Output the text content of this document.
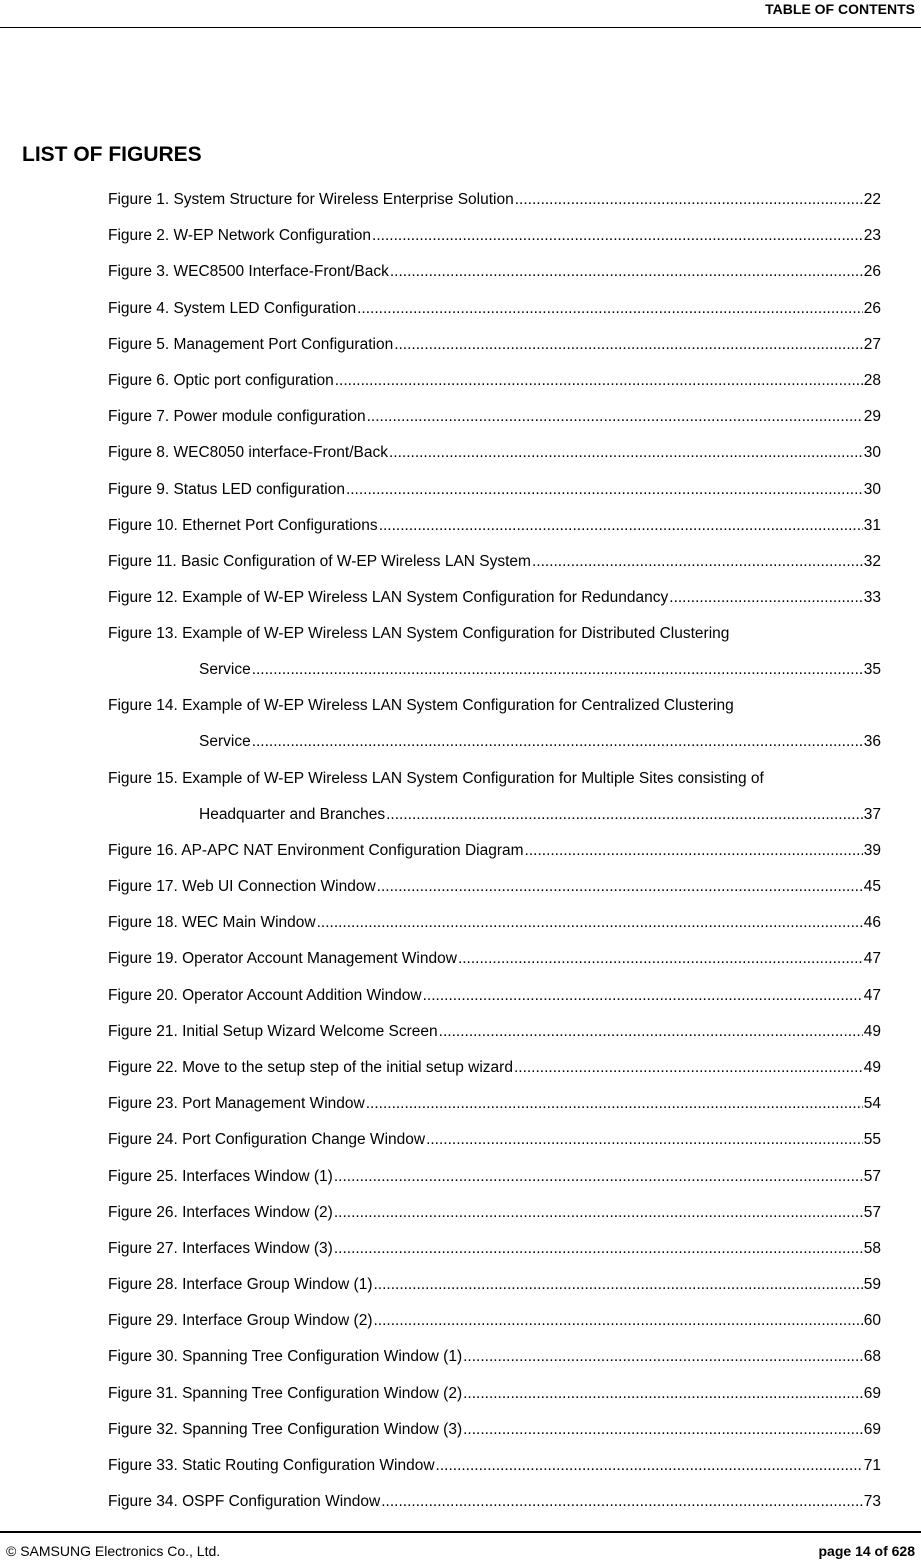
TABLE OF CONTENTS
LIST OF FIGURES
Figure 1. System Structure for Wireless Enterprise Solution .....	22
Figure 2. W-EP Network Configuration .....	23
Figure 3. WEC8500 Interface-Front/Back .....	26
Figure 4. System LED Configuration .....	26
Figure 5. Management Port Configuration .....	27
Figure 6. Optic port configuration .....	28
Figure 7. Power module configuration .....	29
Figure 8. WEC8050 interface-Front/Back .....	30
Figure 9. Status LED configuration .....	30
Figure 10. Ethernet Port Configurations .....	31
Figure 11. Basic Configuration of W-EP Wireless LAN System .....	32
Figure 12. Example of W-EP Wireless LAN System Configuration for Redundancy .....	33
Figure 13. Example of W-EP Wireless LAN System Configuration for Distributed Clustering
Service .....	35
Figure 14. Example of W-EP Wireless LAN System Configuration for Centralized Clustering
Service .....	36
Figure 15. Example of W-EP Wireless LAN System Configuration for Multiple Sites consisting of
Headquarter and Branches .....	37
Figure 16. AP-APC NAT Environment Configuration Diagram .....	39
Figure 17. Web UI Connection Window .....	45
Figure 18. WEC Main Window .....	46
Figure 19. Operator Account Management Window .....	47
Figure 20. Operator Account Addition Window .....	47
Figure 21. Initial Setup Wizard Welcome Screen .....	49
Figure 22. Move to the setup step of the initial setup wizard .....	49
Figure 23. Port Management Window .....	54
Figure 24. Port Configuration Change Window .....	55
Figure 25. Interfaces Window (1) .....	57
Figure 26. Interfaces Window (2) .....	57
Figure 27. Interfaces Window (3) .....	58
Figure 28. Interface Group Window (1) .....	59
Figure 29. Interface Group Window (2) .....	60
Figure 30. Spanning Tree Configuration Window (1) .....	68
Figure 31. Spanning Tree Configuration Window (2) .....	69
Figure 32. Spanning Tree Configuration Window (3) .....	69
Figure 33. Static Routing Configuration Window .....	71
Figure 34. OSPF Configuration Window .....	73
© SAMSUNG Electronics Co., Ltd.	page 14 of 628
